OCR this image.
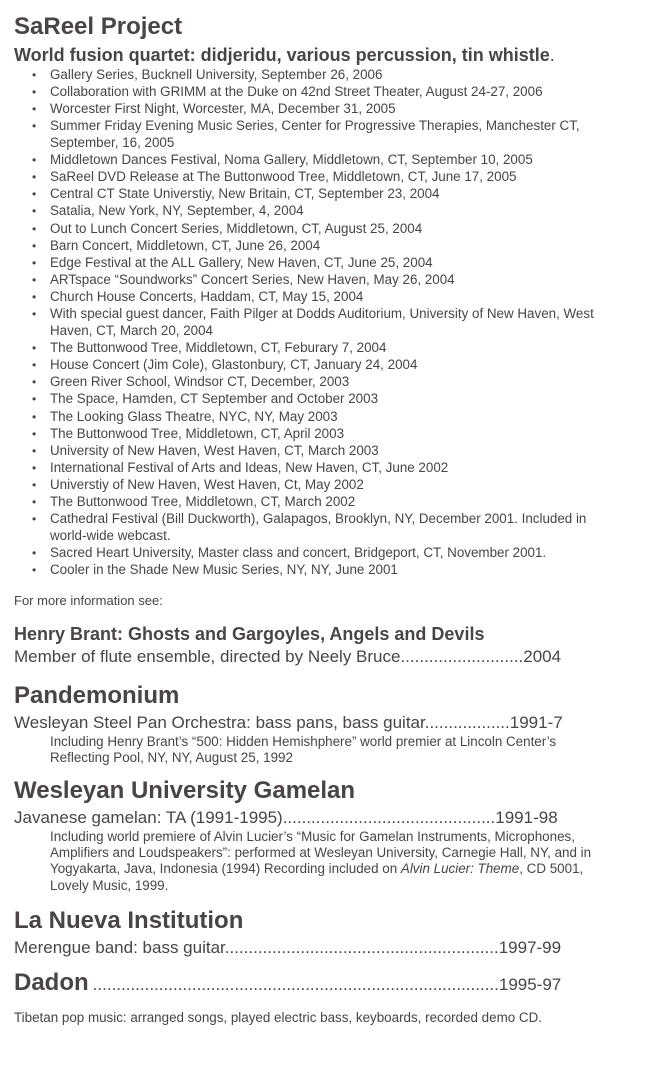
SaReel Project
World fusion quartet: didjeridu, various percussion, tin whistle.
• Gallery Series, Bucknell University, September 26, 2006
• Collaboration with GRIMM at the Duke on 42nd Street Theater, August 24-27, 2006
• Worcester First Night, Worcester, MA, December 31, 2005
• Summer Friday Evening Music Series, Center for Progressive Therapies, Manchester CT, September, 16, 2005
• Middletown Dances Festival, Noma Gallery, Middletown, CT, September 10, 2005
• SaReel DVD Release at The Buttonwood Tree, Middletown, CT, June 17, 2005
• Central CT State Universtiy, New Britain, CT, September 23, 2004
• Satalia, New York, NY, September, 4, 2004
• Out to Lunch Concert Series, Middletown, CT, August 25, 2004
• Barn Concert, Middletown, CT, June 26, 2004
• Edge Festival at the ALL Gallery, New Haven, CT, June 25, 2004
• ARTspace “Soundworks” Concert Series, New Haven, May 26, 2004
• Church House Concerts, Haddam, CT, May 15, 2004
• With special guest dancer, Faith Pilger at Dodds Auditorium, University of New Haven, West Haven, CT, March 20, 2004
• The Buttonwood Tree, Middletown, CT, Feburary 7, 2004
• House Concert (Jim Cole), Glastonbury, CT, January 24, 2004
• Green River School, Windsor CT, December, 2003
• The Space, Hamden, CT September and October 2003
• The Looking Glass Theatre, NYC, NY, May 2003
• The Buttonwood Tree, Middletown, CT, April 2003
• University of New Haven, West Haven, CT, March 2003
• International Festival of Arts and Ideas, New Haven, CT, June 2002
• Universtiy of New Haven, West Haven, Ct, May 2002
• The Buttonwood Tree, Middletown, CT, March 2002
• Cathedral Festival (Bill Duckworth), Galapagos, Brooklyn, NY, December 2001. Included in world-wide webcast.
• Sacred Heart University, Master class and concert, Bridgeport, CT, November 2001.
• Cooler in the Shade New Music Series, NY, NY, June 2001
For more information see:
Henry Brant: Ghosts and Gargoyles, Angels and Devils
Member of flute ensemble, directed by Neely Bruce..........................2004
Pandemonium
Wesleyan Steel Pan Orchestra: bass pans, bass guitar..................1991-7
Including Henry Brant’s “500: Hidden Hemishphere” world premier at Lincoln Center’s Reflecting Pool, NY, NY, August 25, 1992
Wesleyan University Gamelan
Javanese gamelan: TA (1991-1995).............................................1991-98
Including world premiere of Alvin Lucier’s “Music for Gamelan Instruments, Microphones, Amplifiers and Loudspeakers”: performed at Wesleyan University, Carnegie Hall, NY, and in Yogyakarta, Java, Indonesia (1994) Recording included on Alvin Lucier: Theme, CD 5001, Lovely Music, 1999.
La Nueva Institution
Merengue band: bass guitar..........................................................1997-99
Dadon ......................................................................................1995-97
Tibetan pop music: arranged songs, played electric bass, keyboards, recorded demo CD.
